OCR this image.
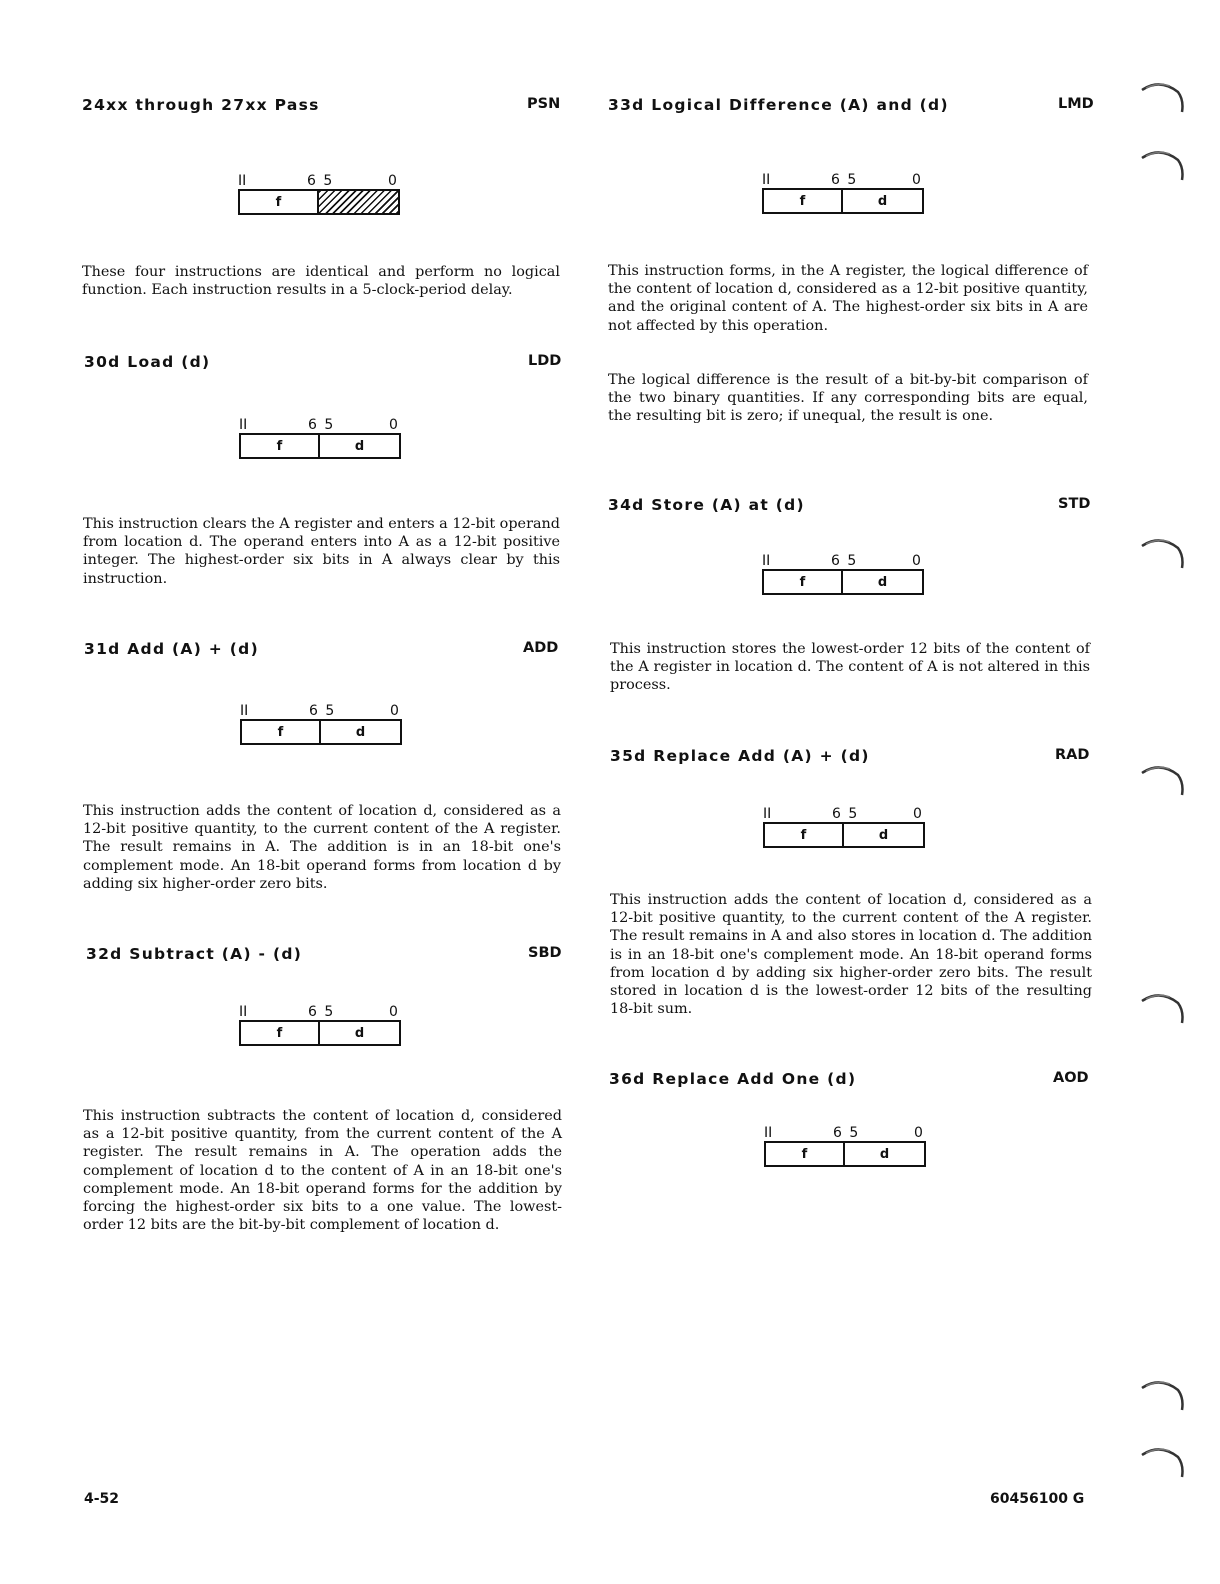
24xx through 27xx Pass	PSN
II	6 5	0
f

These four instructions are identical and perform no logical function. Each instruction results in a 5-clock-period delay.

30d Load (d)	LDD
II	6 5	0
f	d

This instruction clears the A register and enters a 12-bit operand from location d. The operand enters into A as a 12-bit positive integer. The highest-order six bits in A always clear by this instruction.

31d Add (A) + (d)	ADD
II	6 5	0
f	d

This instruction adds the content of location d, considered as a 12-bit positive quantity, to the current content of the A register. The result remains in A. The addition is in an 18-bit one's complement mode. An 18-bit operand forms from location d by adding six higher-order zero bits.

32d Subtract (A) - (d)	SBD
II	6 5	0
f	d

This instruction subtracts the content of location d, considered as a 12-bit positive quantity, from the current content of the A register. The result remains in A. The operation adds the complement of location d to the content of A in an 18-bit one's complement mode. An 18-bit operand forms for the addition by forcing the highest-order six bits to a one value. The lowest-order 12 bits are the bit-by-bit complement of location d.

33d Logical Difference (A) and (d)	LMD
II	6 5	0
f	d

This instruction forms, in the A register, the logical difference of the content of location d, considered as a 12-bit positive quantity, and the original content of A. The highest-order six bits in A are not affected by this operation.

The logical difference is the result of a bit-by-bit comparison of the two binary quantities. If any corresponding bits are equal, the resulting bit is zero; if unequal, the result is one.

34d Store (A) at (d)	STD
II	6 5	0
f	d

This instruction stores the lowest-order 12 bits of the content of the A register in location d. The content of A is not altered in this process.

35d Replace Add (A) + (d)	RAD
II	6 5	0
f	d

This instruction adds the content of location d, considered as a 12-bit positive quantity, to the current content of the A register. The result remains in A and also stores in location d. The addition is in an 18-bit one's complement mode. An 18-bit operand forms from location d by adding six higher-order zero bits. The result stored in location d is the lowest-order 12 bits of the resulting 18-bit sum.

36d Replace Add One (d)	AOD
II	6 5	0
f	d
4-52	60456100 G
